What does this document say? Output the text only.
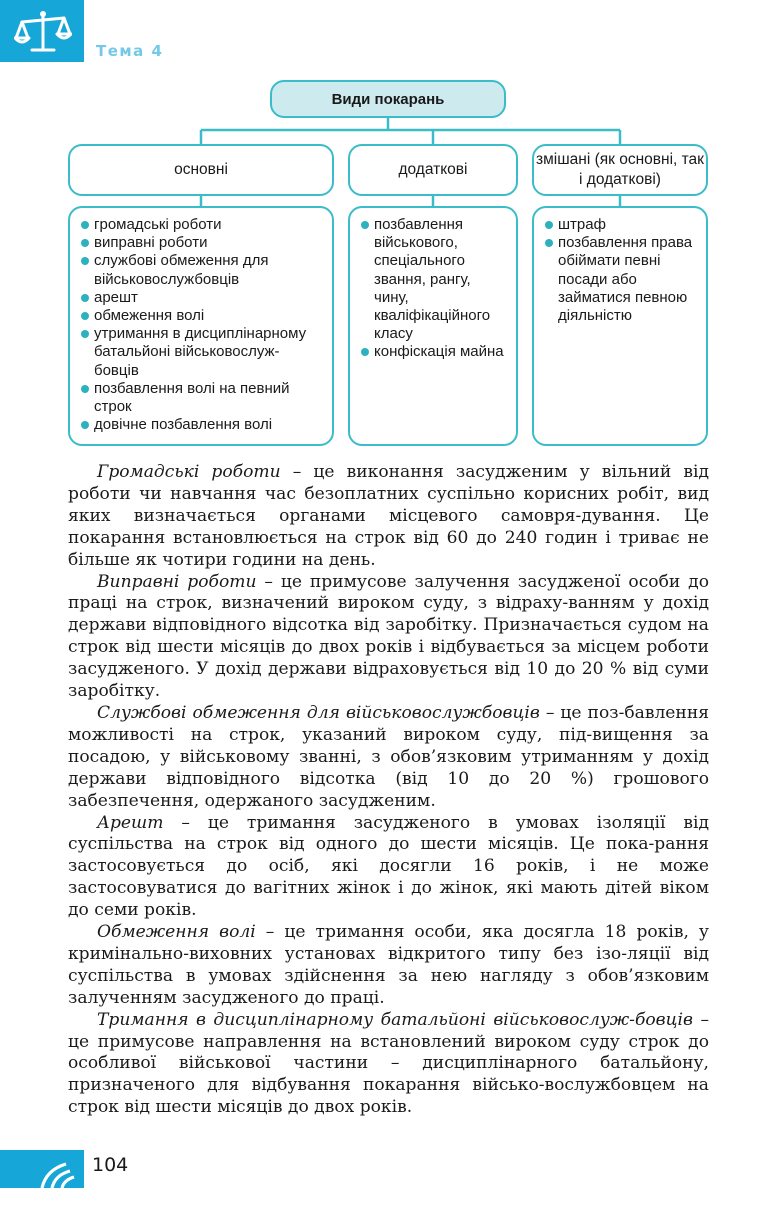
Тема 4
Види покарань
основні	додаткові
змішані (як основні, так і додаткові)
громадські роботи
виправні роботи
службові обмеження для військовослужбовців
арешт
обмеження волі
утримання в дисциплінарному батальйоні військовослуж-бовців
позбавлення волі на певний строк
довічне позбавлення волі
позбавлення військового, спеціального звання, рангу, чину, кваліфікаційного класу
конфіскація майна
штраф
позбавлення права обіймати певні посади або займатися певною діяльністю

Громадські роботи – це виконання засудженим у вільний від роботи чи навчання час безоплатних суспільно корисних робіт, вид яких визначається органами місцевого самовря-дування. Це покарання встановлюється на строк від 60 до 240 годин і триває не більше як чотири години на день.

Виправні роботи – це примусове залучення засудженої особи до праці на строк, визначений вироком суду, з відраху-ванням у дохід держави відповідного відсотка від заробітку. Призначається судом на строк від шести місяців до двох років і відбувається за місцем роботи засудженого. У дохід держави відраховується від 10 до 20 % від суми заробітку.

Службові обмеження для військовослужбовців – це поз-бавлення можливості на строк, указаний вироком суду, під-вищення за посадою, у військовому званні, з обов’язковим утриманням у дохід держави відповідного відсотка (від 10 до 20 %) грошового забезпечення, одержаного засудженим.

Арешт – це тримання засудженого в умовах ізоляції від суспільства на строк від одного до шести місяців. Це пока-рання застосовується до осіб, які досягли 16 років, і не може застосовуватися до вагітних жінок і до жінок, які мають дітей віком до семи років.

Обмеження волі – це тримання особи, яка досягла 18 років, у кримінально-виховних установах відкритого типу без ізо-ляції від суспільства в умовах здійснення за нею нагляду з обов’язковим залученням засудженого до праці.

Тримання в дисциплінарному батальйоні військовослуж-бовців – це примусове направлення на встановлений вироком суду строк до особливої військової частини – дисциплінарного батальйону, призначеного для відбування покарання військо-вослужбовцем на строк від шести місяців до двох років.

104
